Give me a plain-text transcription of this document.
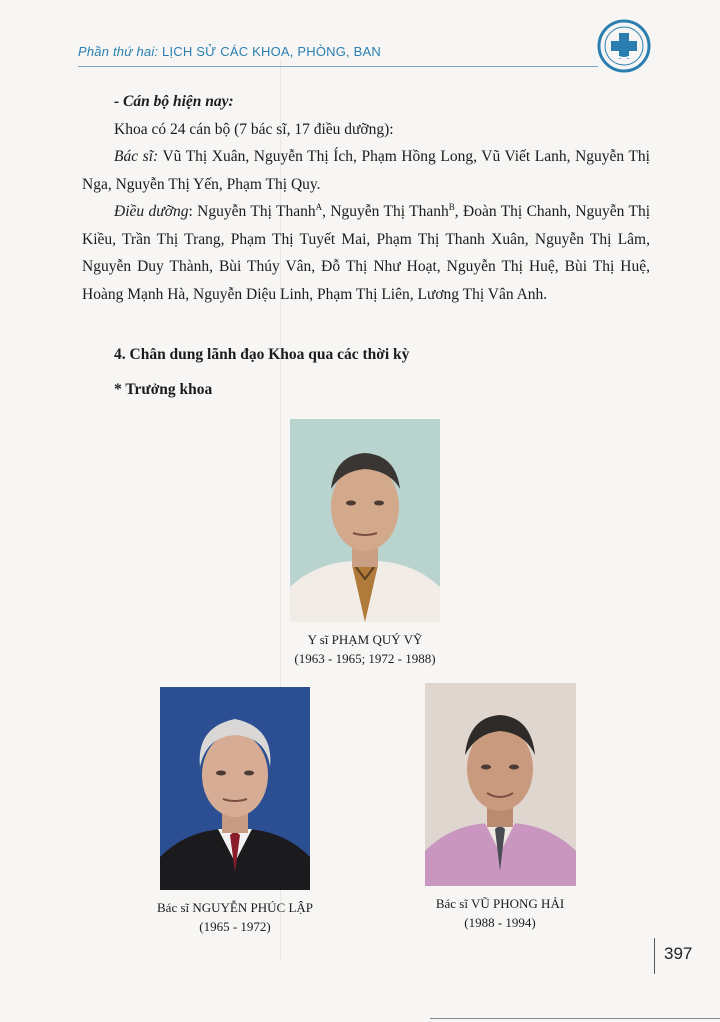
Phần thứ hai: LỊCH SỬ CÁC KHOA, PHÒNG, BAN

- Cán bộ hiện nay:

Khoa có 24 cán bộ (7 bác sĩ, 17 điều dưỡng):

Bác sĩ: Vũ Thị Xuân, Nguyễn Thị Ích, Phạm Hồng Long, Vũ Viết Lanh, Nguyễn Thị Nga, Nguyễn Thị Yến, Phạm Thị Quy.

Điều dưỡng: Nguyễn Thị Thanh$^A$, Nguyễn Thị Thanh$^B$, Đoàn Thị Chanh, Nguyễn Thị Kiều, Trần Thị Trang, Phạm Thị Tuyết Mai, Phạm Thị Thanh Xuân, Nguyễn Thị Lâm, Nguyễn Duy Thành, Bùi Thúy Vân, Đỗ Thị Như Hoạt, Nguyễn Thị Huệ, Bùi Thị Huệ, Hoàng Mạnh Hà, Nguyễn Diệu Linh, Phạm Thị Liên, Lương Thị Vân Anh.

4. Chân dung lãnh đạo Khoa qua các thời kỳ
* Trưởng khoa
Y sĩ PHẠM QUÝ VỸ
(1963 - 1965; 1972 - 1988)
Bác sĩ NGUYỄN PHÚC LẬP
(1965 - 1972)
Bác sĩ VŨ PHONG HẢI
(1988 - 1994)
397
